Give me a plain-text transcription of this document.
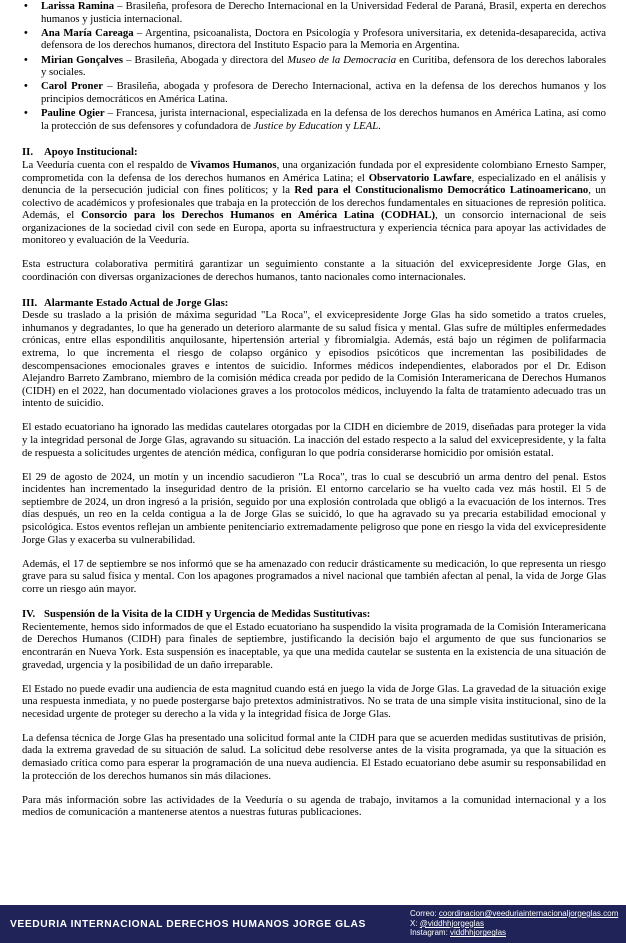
• Larissa Ramina – Brasileña, profesora de Derecho Internacional en la Universidad Federal de Paraná, Brasil, experta en derechos humanos y justicia internacional.
• Ana María Careaga – Argentina, psicoanalista, Doctora en Psicología y Profesora universitaria, ex detenida-desaparecida, activa defensora de los derechos humanos, directora del Instituto Espacio para la Memoria en Argentina.
• Mirian Gonçalves – Brasileña, Abogada y directora del Museo de la Democracia en Curitiba, defensora de los derechos laborales y sociales.
• Carol Proner – Brasileña, abogada y profesora de Derecho Internacional, activa en la defensa de los derechos humanos y los principios democráticos en América Latina.
• Pauline Ogier – Francesa, jurista internacional, especializada en la defensa de los derechos humanos en América Latina, así como la protección de sus defensores y cofundadora de Justice by Education y LEAL.
II. Apoyo Institucional:

La Veeduría cuenta con el respaldo de Vivamos Humanos, una organización fundada por el expresidente colombiano Ernesto Samper, comprometida con la defensa de los derechos humanos en América Latina; el Observatorio Lawfare, especializado en el análisis y denuncia de la persecución judicial con fines políticos; y la Red para el Constitucionalismo Democrático Latinoamericano, un colectivo de académicos y profesionales que trabaja en la protección de los derechos fundamentales en situaciones de represión política. Además, el Consorcio para los Derechos Humanos en América Latina (CODHAL), un consorcio internacional de seis organizaciones de la sociedad civil con sede en Europa, aporta su infraestructura y experiencia técnica para apoyar las actividades de monitoreo y evaluación de la Veeduría.

Esta estructura colaborativa permitirá garantizar un seguimiento constante a la situación del exvicepresidente Jorge Glas, en coordinación con diversas organizaciones de derechos humanos, tanto nacionales como internacionales.

III. Alarmante Estado Actual de Jorge Glas:

Desde su traslado a la prisión de máxima seguridad "La Roca", el exvicepresidente Jorge Glas ha sido sometido a tratos crueles, inhumanos y degradantes, lo que ha generado un deterioro alarmante de su salud física y mental. Glas sufre de múltiples enfermedades crónicas, entre ellas espondilitis anquilosante, hipertensión arterial y fibromialgia. Además, está bajo un régimen de polifarmacia extrema, lo que incrementa el riesgo de colapso orgánico y episodios psicóticos que incrementan las posibilidades de descompensaciones emocionales graves e intentos de suicidio. Informes médicos independientes, elaborados por el Dr. Edison Alejandro Barreto Zambrano, miembro de la comisión médica creada por pedido de la Comisión Interamericana de Derechos Humanos (CIDH) en el 2022, han documentado violaciones graves a los protocolos médicos, incluyendo la falta de tratamiento adecuado tras un intento de suicidio.

El estado ecuatoriano ha ignorado las medidas cautelares otorgadas por la CIDH en diciembre de 2019, diseñadas para proteger la vida y la integridad personal de Jorge Glas, agravando su situación. La inacción del estado respecto a la salud del exvicepresidente, y la falta de respuesta a solicitudes urgentes de atención médica, configuran lo que podría considerarse homicidio por omisión estatal.

El 29 de agosto de 2024, un motín y un incendio sacudieron "La Roca", tras lo cual se descubrió un arma dentro del penal. Estos incidentes han incrementado la inseguridad dentro de la prisión. El entorno carcelario se ha vuelto cada vez más hostil. El 5 de septiembre de 2024, un dron ingresó a la prisión, seguido por una explosión controlada que obligó a la evacuación de los internos. Tres días después, un reo en la celda contigua a la de Jorge Glas se suicidó, lo que ha agravado su ya precaria estabilidad emocional y psicológica. Estos eventos reflejan un ambiente penitenciario extremadamente peligroso que pone en riesgo la vida del exvicepresidente Jorge Glas y exacerba su vulnerabilidad.

Además, el 17 de septiembre se nos informó que se ha amenazado con reducir drásticamente su medicación, lo que representa un riesgo grave para su salud física y mental. Con los apagones programados a nivel nacional que también afectan al penal, la vida de Jorge Glas corre un riesgo aún mayor.

IV. Suspensión de la Visita de la CIDH y Urgencia de Medidas Sustitutivas:

Recientemente, hemos sido informados de que el Estado ecuatoriano ha suspendido la visita programada de la Comisión Interamericana de Derechos Humanos (CIDH) para finales de septiembre, justificando la decisión bajo el argumento de que sus funcionarios se encontrarán en Nueva York. Esta suspensión es inaceptable, ya que una medida cautelar se sustenta en la existencia de una situación de gravedad, urgencia y la posibilidad de un daño irreparable.

El Estado no puede evadir una audiencia de esta magnitud cuando está en juego la vida de Jorge Glas. La gravedad de la situación exige una respuesta inmediata, y no puede postergarse bajo pretextos administrativos. No se trata de una simple visita institucional, sino de la necesidad urgente de proteger su derecho a la vida y la integridad física de Jorge Glas.

La defensa técnica de Jorge Glas ha presentado una solicitud formal ante la CIDH para que se acuerden medidas sustitutivas de prisión, dada la extrema gravedad de su situación de salud. La solicitud debe resolverse antes de la visita programada, ya que la situación es demasiado crítica como para esperar la programación de una nueva audiencia. El Estado ecuatoriano debe asumir su responsabilidad en la protección de los derechos humanos sin más dilaciones.

Para más información sobre las actividades de la Veeduría o su agenda de trabajo, invitamos a la comunidad internacional y a los medios de comunicación a mantenerse atentos a nuestras futuras publicaciones.

VEEDURIA INTERNACIONAL DERECHOS HUMANOS JORGE GLAS
Correo: coordinacion@veeduriainternacionaljorgeglas.com
X: @viddhhjorgeglas
Instagram: viddhhjorgeglas
